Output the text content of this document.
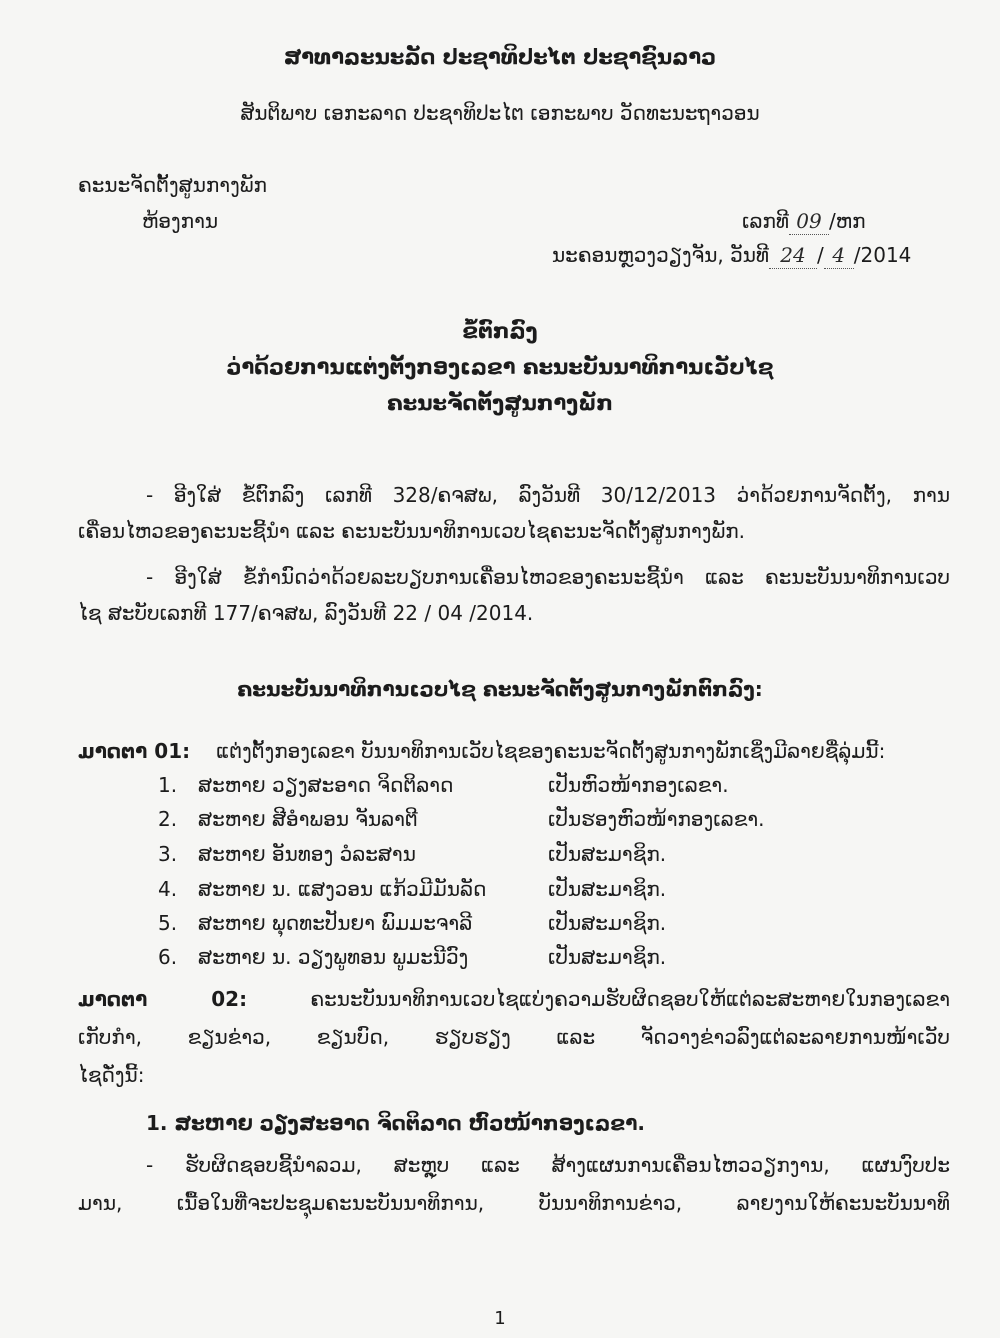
ສາທາລະນະລັດ ປະຊາທິປະໄຕ ປະຊາຊົນລາວ
ສັນຕິພາບ ເອກະລາດ ປະຊາທິປະໄຕ ເອກະພາບ ວັດທະນະຖາວອນ
ຄະນະຈັດຕັ້ງສູນກາງພັກ
ຫ້ອງການ	ເລກທີ 09 /ຫກ
ນະຄອນຫຼວງວຽງຈັນ, ວັນທີ 24 / 4 /2014
ຂໍ້ຕົກລົງ
ວ່າດ້ວຍການແຕ່ງຕັ້ງກອງເລຂາ ຄະນະບັນນາທິການເວັບໄຊ
ຄະນະຈັດຕັ້ງສູນກາງພັກ
- ອີງໃສ່ ຂໍ້ຕົກລົງ ເລກທີ 328/ຄຈສພ, ລົງວັນທີ 30/12/2013 ວ່າດ້ວຍການຈັດຕັ້ງ, ການ
ເຄື່ອນໄຫວຂອງຄະນະຊີ້ນຳ ແລະ ຄະນະບັນນາທິການເວບໄຊຄະນະຈັດຕັ້ງສູນກາງພັກ.
- ອີງໃສ່ ຂໍ້ກຳນົດວ່າດ້ວຍລະບຽບການເຄື່ອນໄຫວຂອງຄະນະຊີ້ນຳ ແລະ ຄະນະບັນນາທິການເວບ
ໄຊ ສະບັບເລກທີ 177/ຄຈສພ, ລົງວັນທີ 22 / 04 /2014.
ຄະນະບັນນາທິການເວບໄຊ ຄະນະຈັດຕັ້ງສູນກາງພັກຕົກລົງ:
ມາດຕາ 01: ແຕ່ງຕັ້ງກອງເລຂາ ບັນນາທິການເວັບໄຊຂອງຄະນະຈັດຕັ້ງສູນກາງພັກເຊິ່ງມີລາຍຊື່ລຸ່ມນີ້:
1. ສະຫາຍ ວຽງສະອາດ ຈິດຕິລາດ	ເປັນຫົວໜ້າກອງເລຂາ.
2. ສະຫາຍ ສີອຳພອນ ຈັນລາຕີ	ເປັນຮອງຫົວໜ້າກອງເລຂາ.
3. ສະຫາຍ ອັນທອງ ວໍລະສານ	ເປັນສະມາຊິກ.
4. ສະຫາຍ ນ. ແສງວອນ ແກ້ວມີມັນລັດ	ເປັນສະມາຊິກ.
5. ສະຫາຍ ພຸດທະປັນຍາ ພົມມະຈາລີ	ເປັນສະມາຊິກ.
6. ສະຫາຍ ນ. ວຽງພູທອນ ພູມະນີວົງ	ເປັນສະມາຊິກ.
ມາດຕາ 02:	ຄະນະບັນນາທິການເວບໄຊແບ່ງຄວາມຮັບຜິດຊອບໃຫ້ແຕ່ລະສະຫາຍໃນກອງເລຂາ
ເກັບກຳ, ຂຽນຂ່າວ, ຂຽນບົດ, ຮຽບຮຽງ ແລະ ຈັດວາງຂ່າວລົງແຕ່ລະລາຍການໜ້າເວັບ
ໄຊດັ່ງນີ້:
1. ສະຫາຍ ວຽງສະອາດ ຈິດຕິລາດ ຫົວໜ້າກອງເລຂາ.
- ຮັບຜິດຊອບຊີ້ນຳລວມ, ສະຫຼຸບ ແລະ ສ້າງແຜນການເຄື່ອນໄຫວວຽກງານ, ແຜນງົບປະ
ມານ, ເນື້ອໃນທີ່ຈະປະຊຸມຄະນະບັນນາທິການ, ບັນນາທິການຂ່າວ, ລາຍງານໃຫ້ຄະນະບັນນາທິ
1
